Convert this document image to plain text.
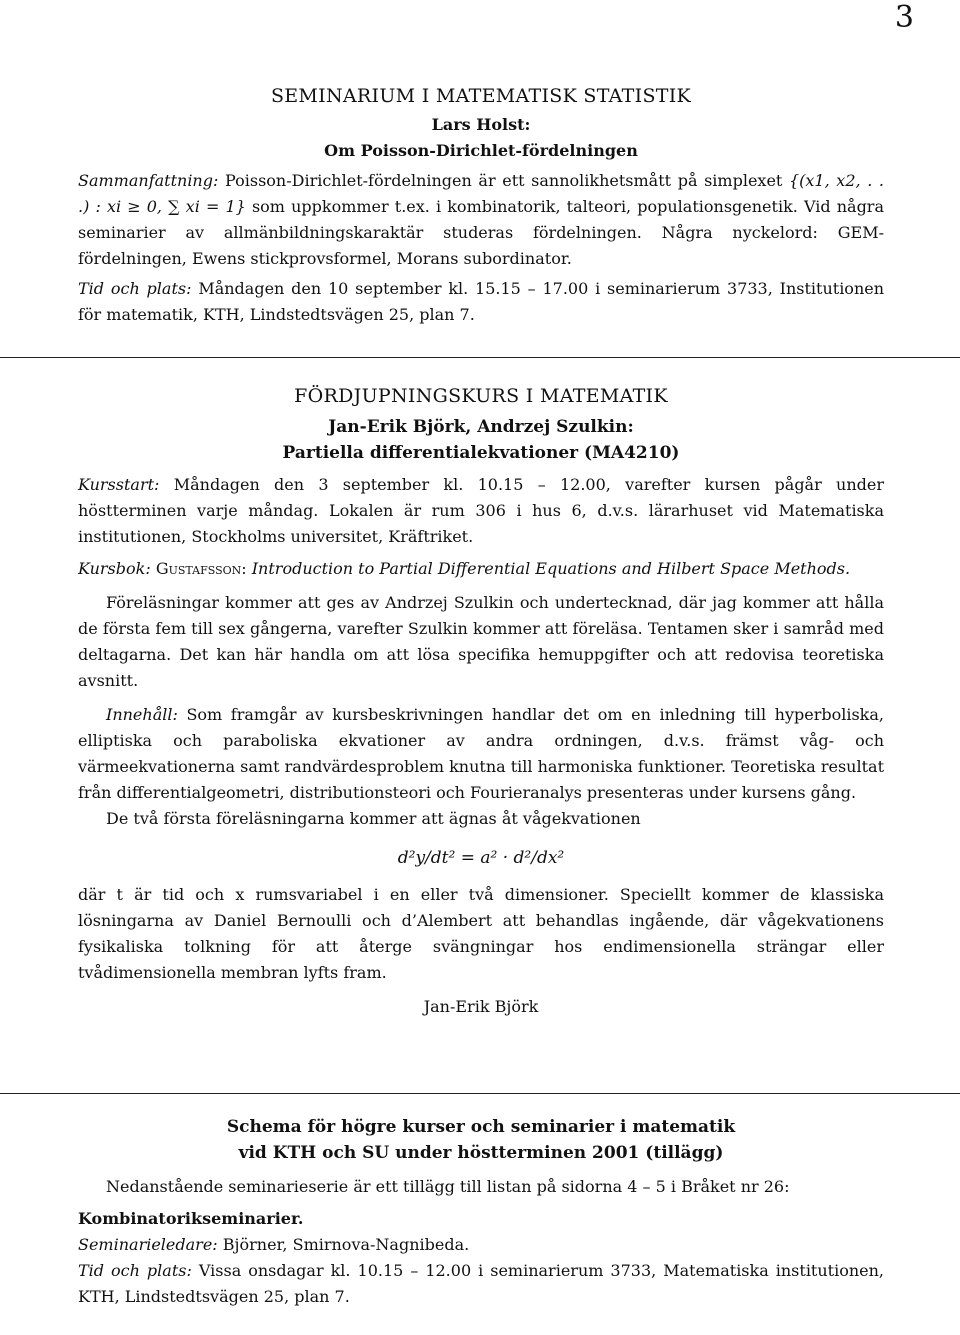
3
SEMINARIUM I MATEMATISK STATISTIK
Lars Holst:
Om Poisson-Dirichlet-fördelningen
Sammanfattning: Poisson-Dirichlet-fördelningen är ett sannolikhetsmått på simplexet {(x1, x2, . . .) : xi ≥ 0, ∑ xi = 1} som uppkommer t.ex. i kombinatorik, talteori, populationsgenetik. Vid några seminarier av allmänbildningskaraktär studeras fördelningen. Några nyckelord: GEM-fördelningen, Ewens stickprovsformel, Morans subordinator.
Tid och plats: Måndagen den 10 september kl. 15.15 – 17.00 i seminarierum 3733, Institutionen för matematik, KTH, Lindstedtsvägen 25, plan 7.
FÖRDJUPNINGSKURS I MATEMATIK
Jan-Erik Björk, Andrzej Szulkin:
Partiella differentialekvationer (MA4210)
Kursstart: Måndagen den 3 september kl. 10.15 – 12.00, varefter kursen pågår under höstterminen varje måndag. Lokalen är rum 306 i hus 6, d.v.s. lärarhuset vid Matematiska institutionen, Stockholms universitet, Kräftriket.
Kursbok: Gustafsson: Introduction to Partial Differential Equations and Hilbert Space Methods.
Föreläsningar kommer att ges av Andrzej Szulkin och undertecknad, där jag kommer att hålla de första fem till sex gångerna, varefter Szulkin kommer att föreläsa. Tentamen sker i samråd med deltagarna. Det kan här handla om att lösa specifika hemuppgifter och att redovisa teoretiska avsnitt.
Innehåll: Som framgår av kursbeskrivningen handlar det om en inledning till hyperboliska, elliptiska och paraboliska ekvationer av andra ordningen, d.v.s. främst våg- och värmeekvationerna samt randvärdesproblem knutna till harmoniska funktioner. Teoretiska resultat från differentialgeometri, distributionsteori och Fourieranalys presenteras under kursens gång.
De två första föreläsningarna kommer att ägnas åt vågekvationen
d²y/dt² = a² · d²/dx²
där t är tid och x rumsvariabel i en eller två dimensioner. Speciellt kommer de klassiska lösningarna av Daniel Bernoulli och d’Alembert att behandlas ingående, där vågekvationens fysikaliska tolkning för att återge svängningar hos endimensionella strängar eller tvådimensionella membran lyfts fram.
Jan-Erik Björk
Schema för högre kurser och seminarier i matematik
vid KTH och SU under höstterminen 2001 (tillägg)
Nedanstående seminarieserie är ett tillägg till listan på sidorna 4 – 5 i Bråket nr 26:
Kombinatorikseminarier.
Seminarieledare: Björner, Smirnova-Nagnibeda.
Tid och plats: Vissa onsdagar kl. 10.15 – 12.00 i seminarierum 3733, Matematiska institutionen, KTH, Lindstedtsvägen 25, plan 7.
